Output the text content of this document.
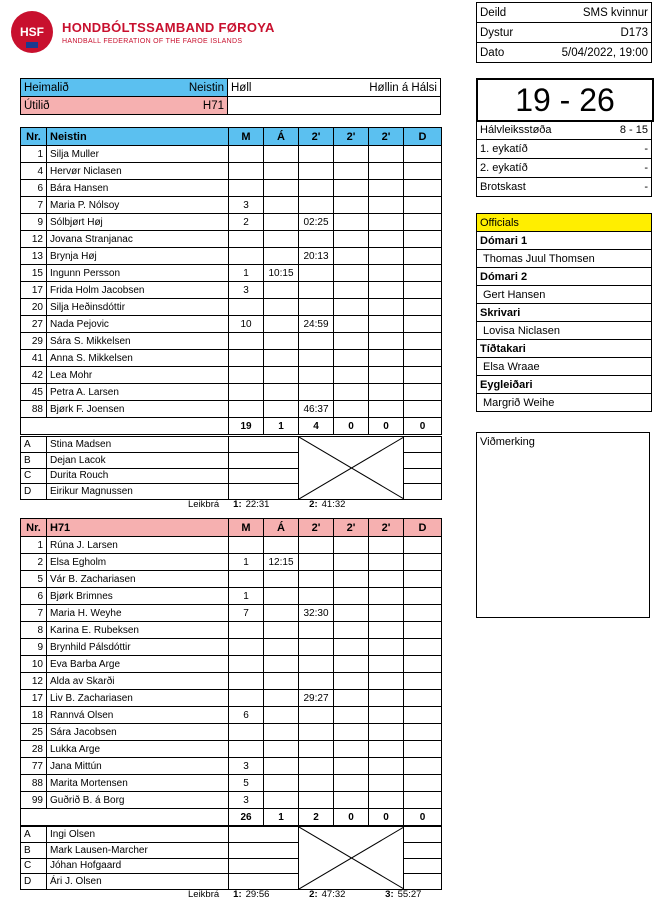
HSF HONDBÓLTSSAMBAND FØROYA
HANDBALL FEDERATION OF THE FAROE ISLANDS
Deild	SMS kvinnur
Dystur	D173
Dato	5/04/2022, 19:00
Heimalið Neistin	Høll Høllin á Hálsi

Útilið H71	
		19 - 26
Hálvleiksstøða	8 - 15

1. eykatíð	-

2. eykatíð	-

Brotskast	-
Officials
Dómari 1
Thomas Juul Thomsen
Dómari 2
Gert Hansen
Skrivari
Lovisa Niclasen
Tíðtakari
Elsa Wraae
Eygleiðari
Margrið Weihe
Viðmerking
Nr.	Neistin	M	Á	2'	2'	2'	D
1	Silja Muller						
4	Hervør Niclasen						
6	Bára Hansen						
7	Maria P. Nólsoy	3					
9	Sólbjørt Høj	2		02:25			
12	Jovana Stranjanac						
13	Brynja Høj			20:13			
15	Ingunn Persson	1	10:15				
17	Frida Holm Jacobsen	3					
20	Silja Heðinsdóttir						
27	Nada Pejovic	10		24:59			
29	Sára S. Mikkelsen						
41	Anna S. Mikkelsen						
42	Lea Mohr						
45	Petra A. Larsen						
88	Bjørk F. Joensen			46:37			
		19	1	4	0	0	0
A	Stina Madsen		

B	Dejan Lacok			
C	Durita Rouch			
D	Eirikur Magnussen			
Leikbrá 1: 22:31	2: 41:32
Nr.	H71	M	Á	2'	2'	2'	D
1	Rúna J. Larsen						
2	Elsa Egholm	1	12:15				
5	Vár B. Zachariasen						
6	Bjørk Brimnes	1					
7	Maria H. Weyhe	7		32:30			
8	Karina E. Rubeksen						
9	Brynhild Pálsdóttir						
10	Eva Barba Arge						
12	Alda av Skarði						
17	Liv B. Zachariasen			29:27			
18	Rannvá Olsen	6					
25	Sára Jacobsen						
28	Lukka Arge						
77	Jana Mittún	3					
88	Marita Mortensen	5					
99	Guðrið B. á Borg	3					
		26	1	2	0	0	0
A	Ingi Olsen		

B	Mark Lausen-Marcher			
C	Jóhan Hofgaard			
D	Ári J. Olsen			
Leikbrá 1: 29:56	2: 47:32	3: 55:27
